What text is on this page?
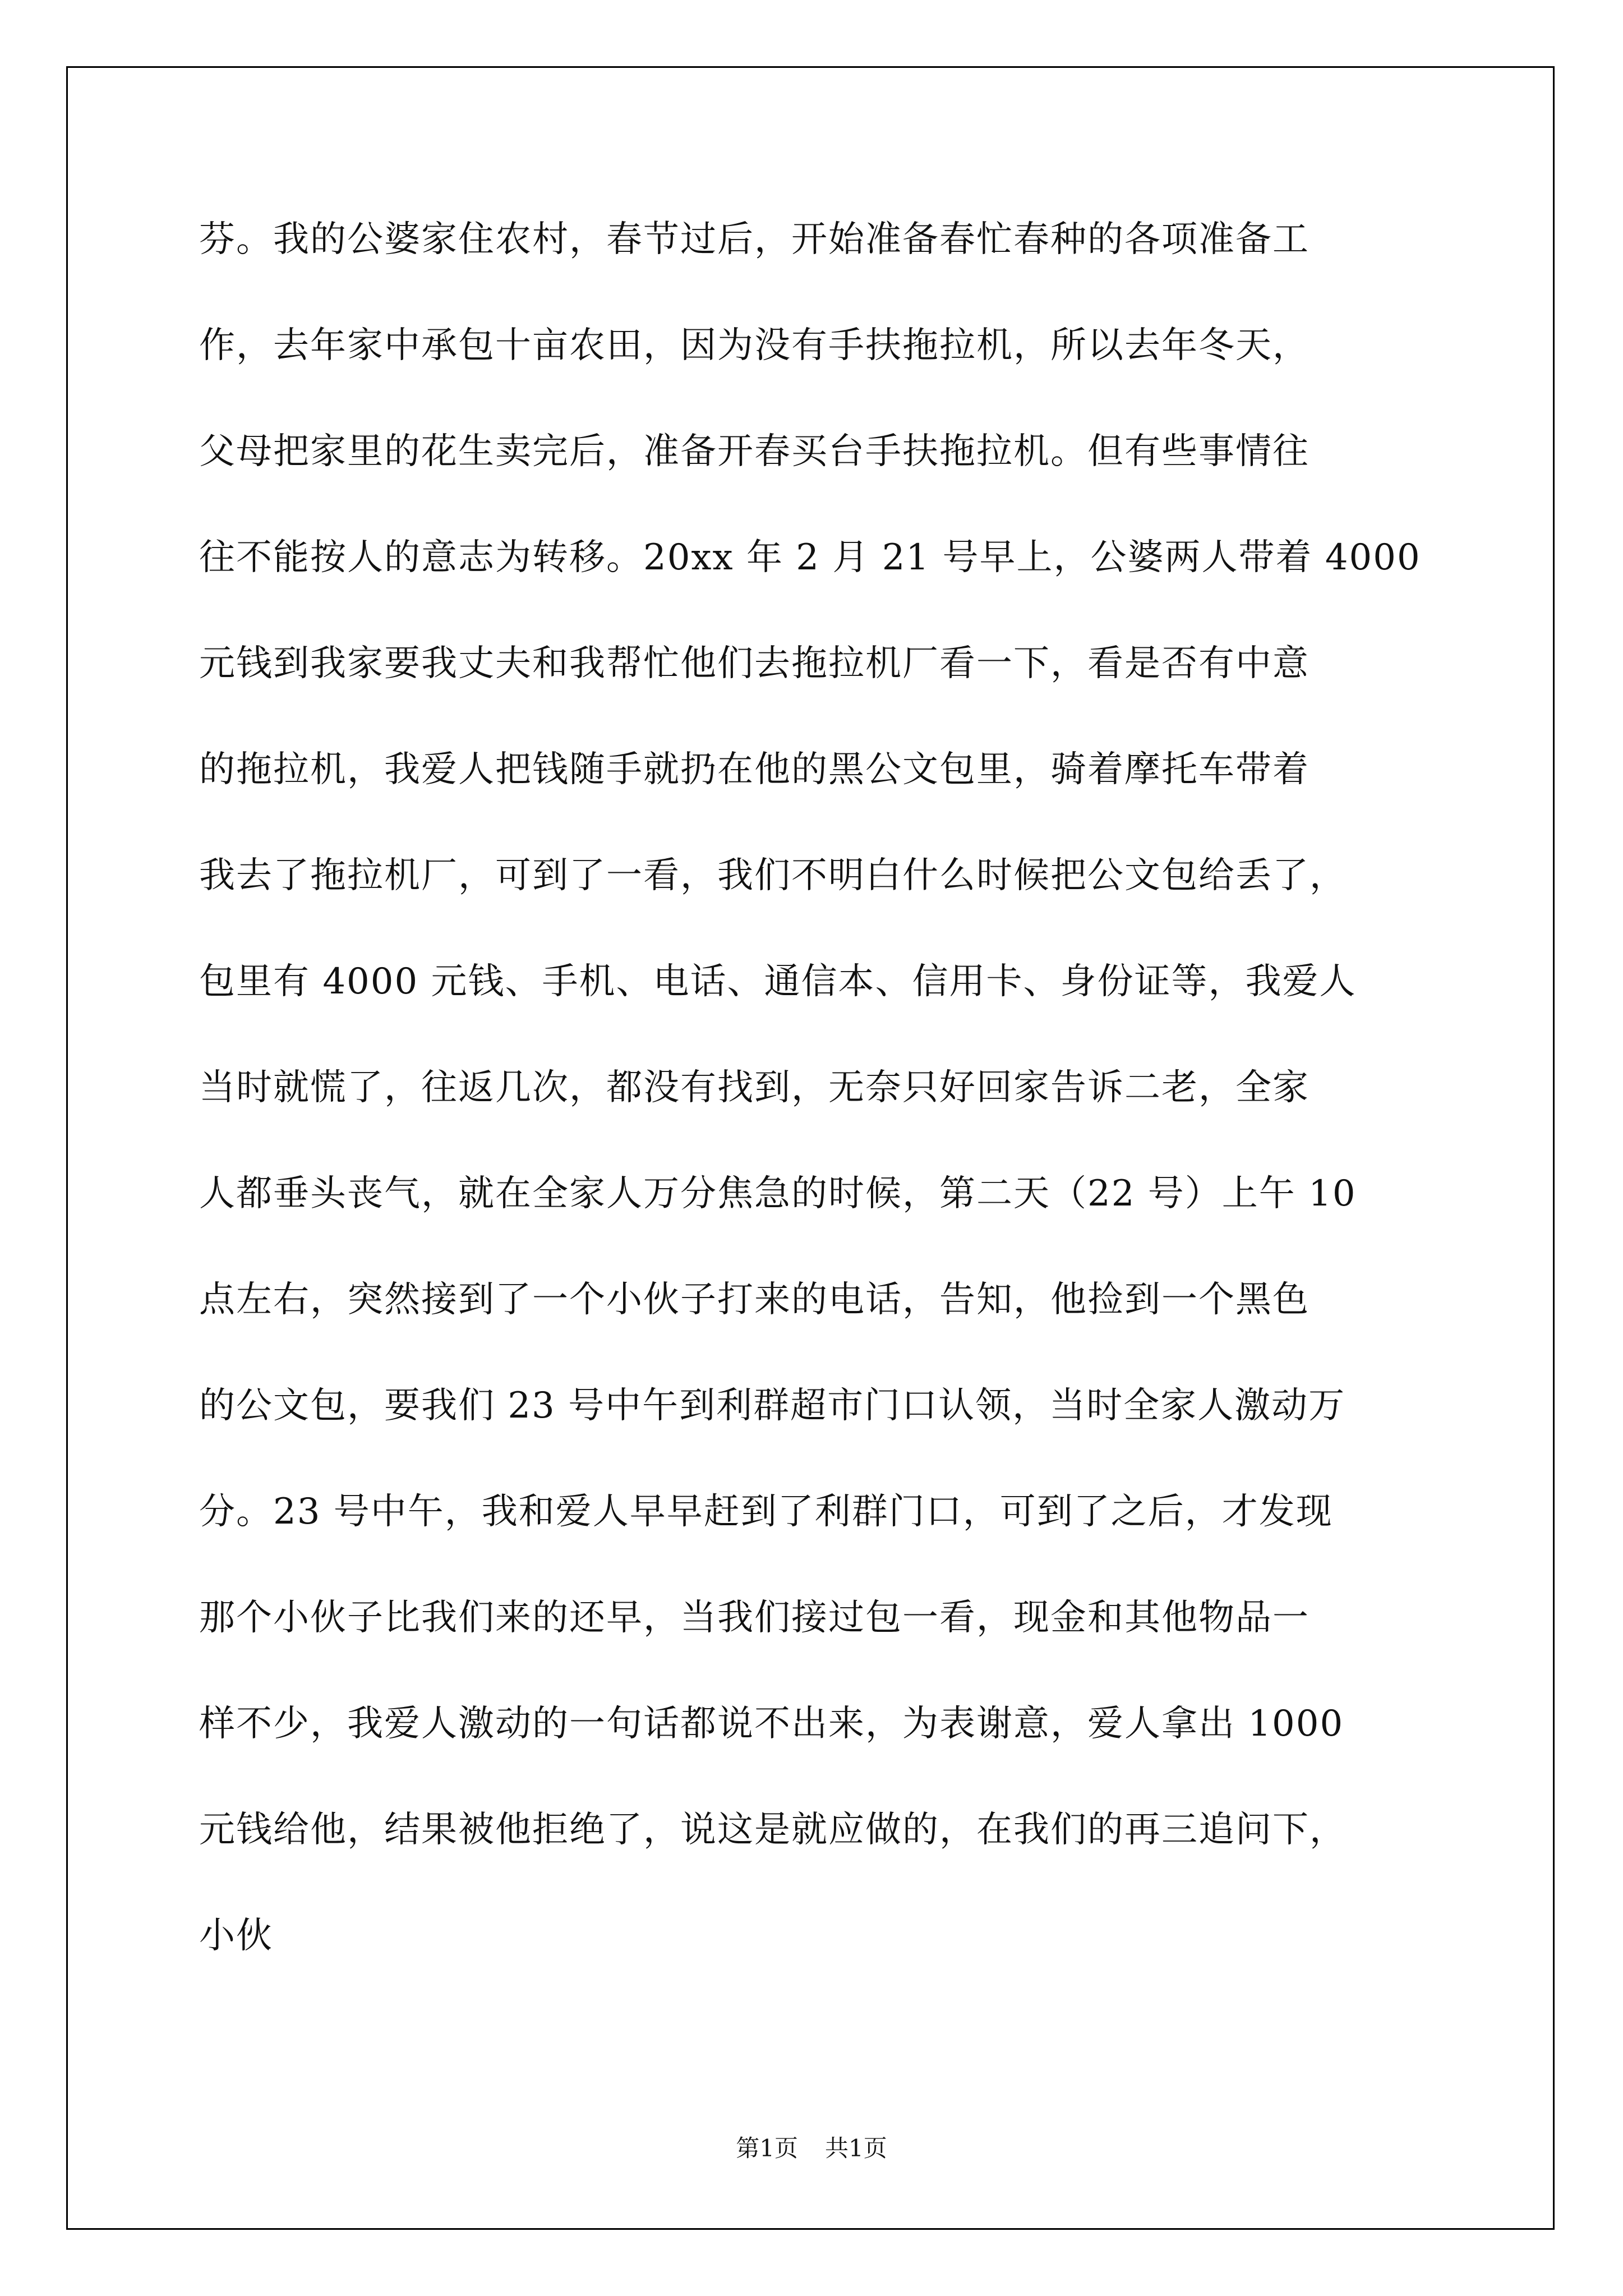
芬。我的公婆家住农村，春节过后，开始准备春忙春种的各项准备工
作，去年家中承包十亩农田，因为没有手扶拖拉机，所以去年冬天，
父母把家里的花生卖完后，准备开春买台手扶拖拉机。但有些事情往
往不能按人的意志为转移。20xx 年 2 月 21 号早上，公婆两人带着 4000
元钱到我家要我丈夫和我帮忙他们去拖拉机厂看一下，看是否有中意
的拖拉机，我爱人把钱随手就扔在他的黑公文包里，骑着摩托车带着
我去了拖拉机厂，可到了一看，我们不明白什么时候把公文包给丢了，
包里有 4000 元钱、手机、电话、通信本、信用卡、身份证等，我爱人
当时就慌了，往返几次，都没有找到，无奈只好回家告诉二老，全家
人都垂头丧气，就在全家人万分焦急的时候，第二天（22 号）上午 10
点左右，突然接到了一个小伙子打来的电话，告知，他捡到一个黑色
的公文包，要我们 23 号中午到利群超市门口认领，当时全家人激动万
分。23 号中午，我和爱人早早赶到了利群门口，可到了之后，才发现
那个小伙子比我们来的还早，当我们接过包一看，现金和其他物品一
样不少，我爱人激动的一句话都说不出来，为表谢意，爱人拿出 1000
元钱给他，结果被他拒绝了，说这是就应做的，在我们的再三追问下，
小伙
第1页 共1页
